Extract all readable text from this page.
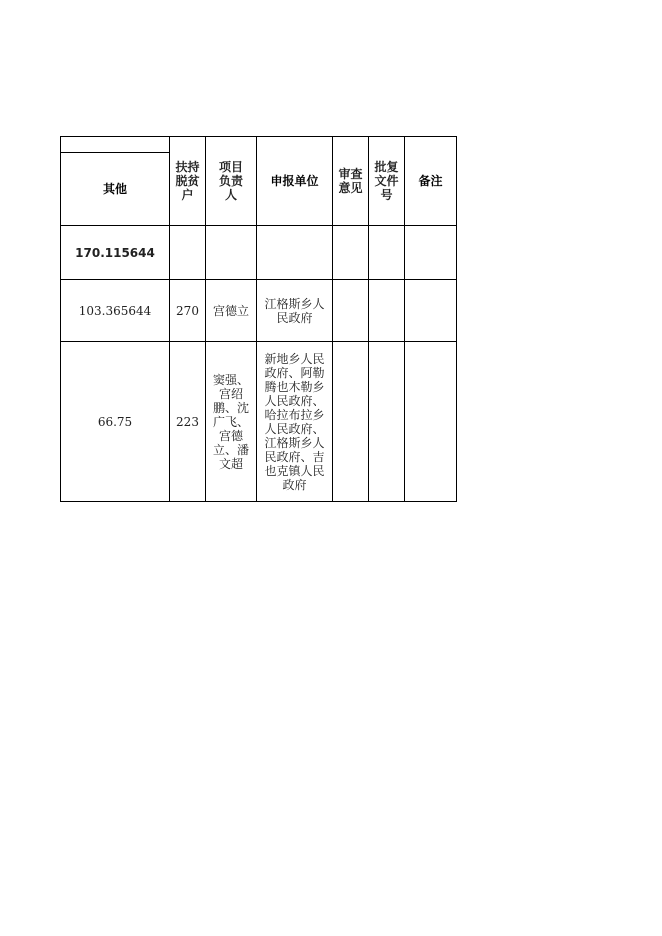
其他	扶持脱贫户	项目负责人	申报单位	审查意见	批复文件号	备注
170.115644						
103.365644	270	宫德立	江格斯乡人民政府			
66.75	223	窦强、宫绍鹏、沈广飞、宫德立、潘文超	新地乡人民政府、阿勒腾也木勒乡人民政府、哈拉布拉乡人民政府、江格斯乡人民政府、吉也克镇人民政府			
